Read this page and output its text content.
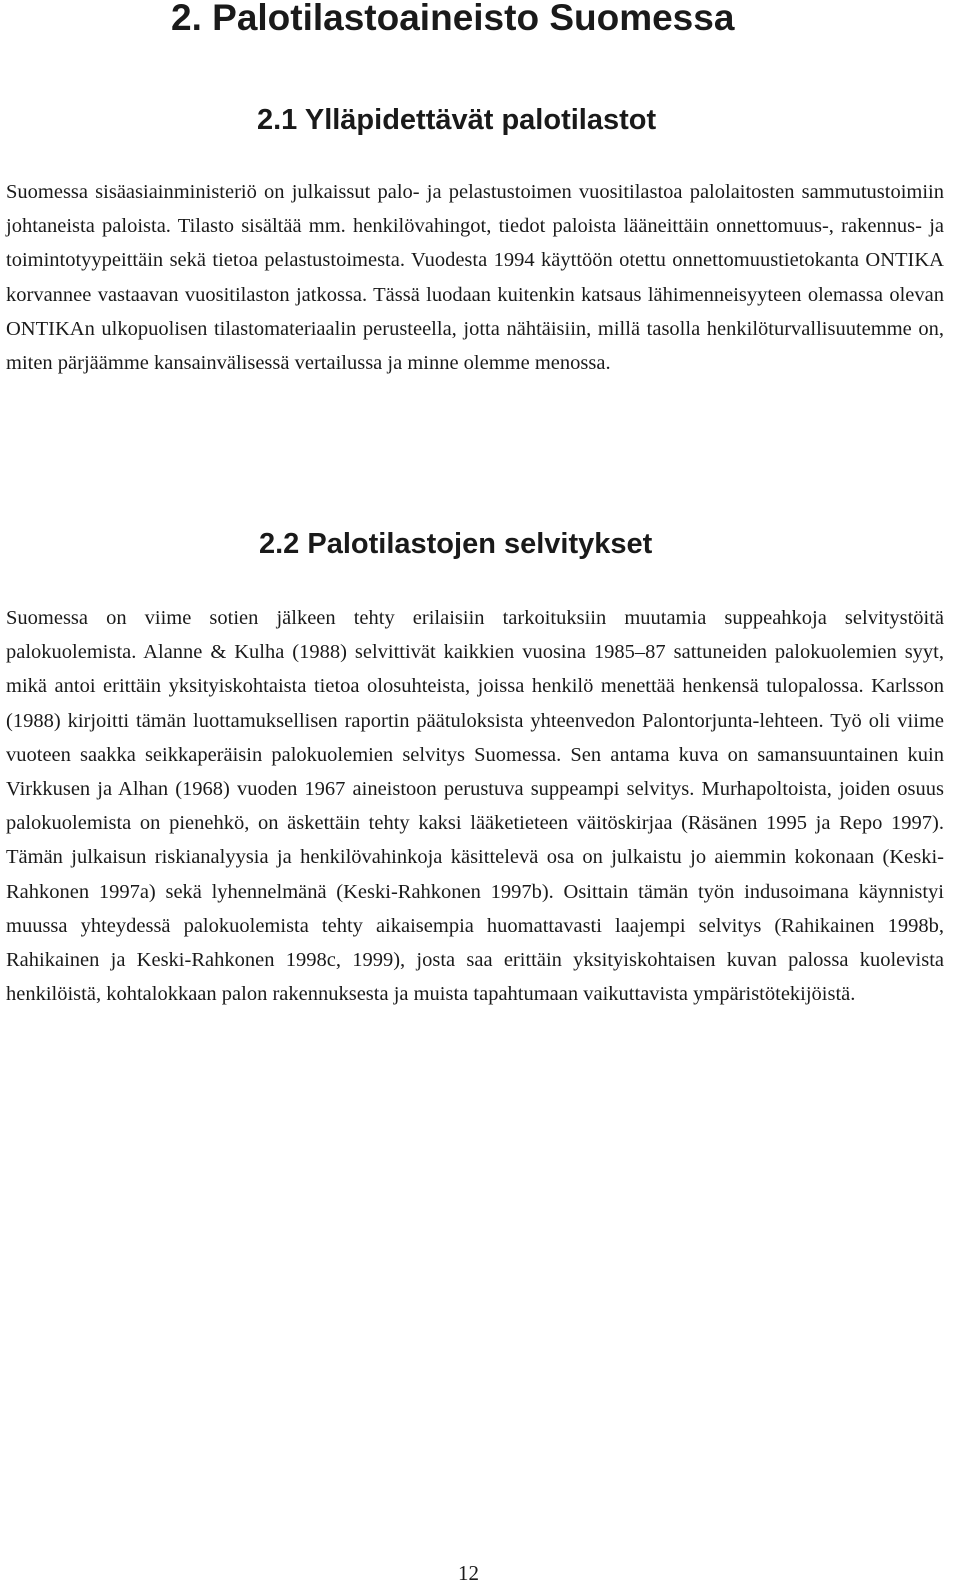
2. Palotilastoaineisto Suomessa
2.1 Ylläpidettävät palotilastot

Suomessa sisäasiainministeriö on julkaissut palo- ja pelastustoimen vuositilastoa palolaitosten sammutustoimiin johtaneista paloista. Tilasto sisältää mm. henkilövahingot, tiedot paloista lääneittäin onnettomuus-, rakennus- ja toimintotyypeittäin sekä tietoa pelastustoimesta. Vuodesta 1994 käyttöön otettu onnettomuustietokanta ONTIKA korvannee vastaavan vuositilaston jatkossa. Tässä luodaan kuitenkin katsaus lähimenneisyyteen olemassa olevan ONTIKAn ulkopuolisen tilastomateriaalin perusteella, jotta nähtäisiin, millä tasolla henkilöturvallisuutemme on, miten pärjäämme kansainvälisessä vertailussa ja minne olemme menossa.

2.2 Palotilastojen selvitykset

Suomessa on viime sotien jälkeen tehty erilaisiin tarkoituksiin muutamia suppeahkoja selvitystöitä palokuolemista. Alanne & Kulha (1988) selvittivät kaikkien vuosina 1985–87 sattuneiden palokuolemien syyt, mikä antoi erittäin yksityiskohtaista tietoa olosuhteista, joissa henkilö menettää henkensä tulopalossa. Karlsson (1988) kirjoitti tämän luottamuksellisen raportin päätuloksista yhteenvedon Palontorjunta-lehteen. Työ oli viime vuoteen saakka seikkaperäisin palokuolemien selvitys Suomessa. Sen antama kuva on samansuuntainen kuin Virkkusen ja Alhan (1968) vuoden 1967 aineistoon perustuva suppeampi selvitys. Murhapoltoista, joiden osuus palokuolemista on pienehkö, on äskettäin tehty kaksi lääketieteen väitöskirjaa (Räsänen 1995 ja Repo 1997). Tämän julkaisun riskianalyysia ja henkilövahinkoja käsittelevä osa on julkaistu jo aiemmin kokonaan (Keski-Rahkonen 1997a) sekä lyhennelmänä (Keski-Rahkonen 1997b). Osittain tämän työn indusoimana käynnistyi muussa yhteydessä palokuolemista tehty aikaisempia huomattavasti laajempi selvitys (Rahikainen 1998b, Rahikainen ja Keski-Rahkonen 1998c, 1999), josta saa erittäin yksityiskohtaisen kuvan palossa kuolevista henkilöistä, kohtalokkaan palon rakennuksesta ja muista tapahtumaan vaikuttavista ympäristötekijöistä.

12
